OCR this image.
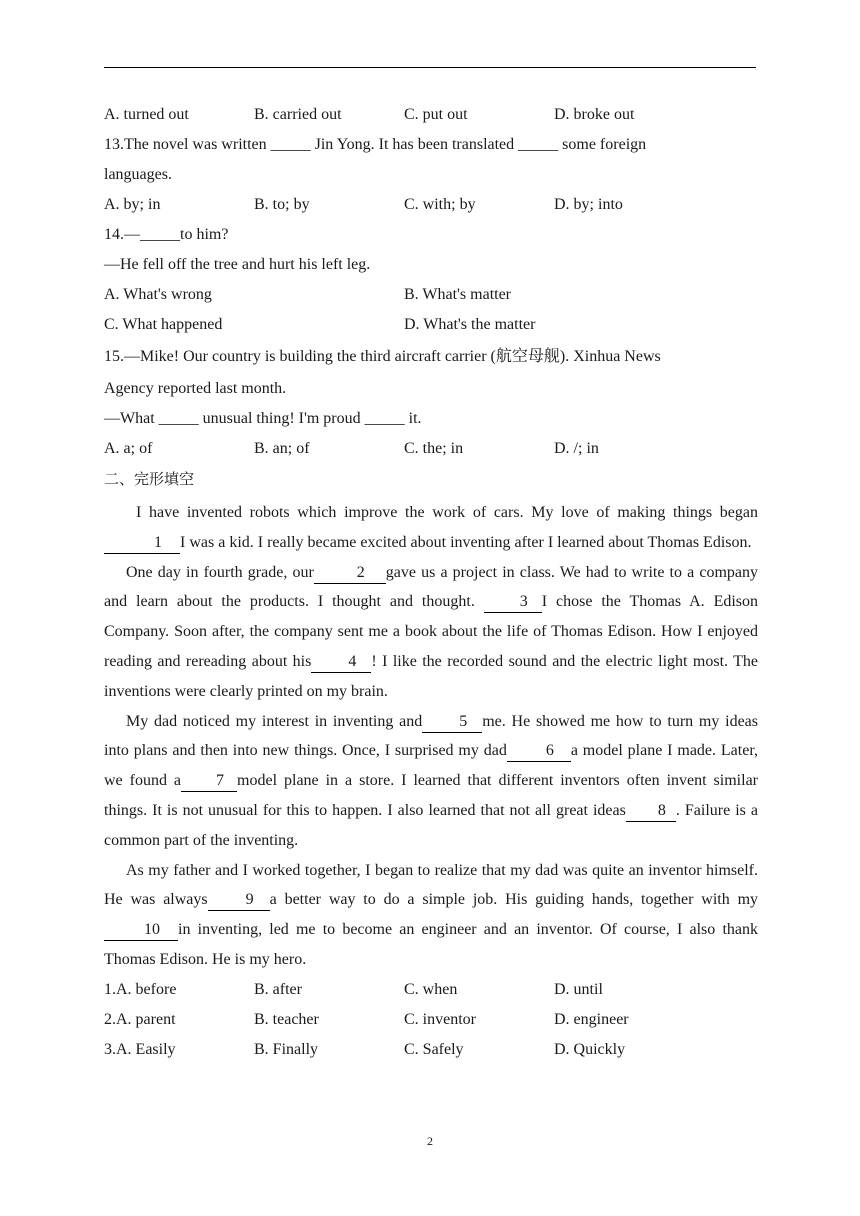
A. turned out	B. carried out	C. put out	D. broke out
13.The novel was written _____ Jin Yong. It has been translated _____ some foreign
languages.
A. by; in	B. to; by	C. with; by	D. by; into
14.—_____to him?
—He fell off the tree and hurt his left leg.
A. What's wrong	B. What's matter
C. What happened	D. What's the matter
15.—Mike! Our country is building the third aircraft carrier (航空母舰). Xinhua News
Agency reported last month.
—What _____ unusual thing! I'm proud _____ it.
A. a; of	B. an; of	C. the; in	D. /; in
二、完形填空

I have invented robots which improve the work of cars. My love of making things began1 I was a kid. I really became excited about inventing after I learned about Thomas Edison.

One day in fourth grade, our	2 gave us a project in class. We had to write to a company and learn about the products. I thought and thought.	3 I chose the Thomas A. Edison Company. Soon after, the company sent me a book about the life of Thomas Edison. How I enjoyed reading and rereading about his 4 ! I like the recorded sound and the electric light most. The inventions were clearly printed on my brain.

My dad noticed my interest in inventing and 5 me. He showed me how to turn my ideas into plans and then into new things. Once, I surprised my dad 6 a model plane I made. Later, we found a 7 model plane in a store. I learned that different inventors often invent similar things. It is not unusual for this to happen. I also learned that not all great ideas 8 . Failure is a common part of the inventing.

As my father and I worked together, I began to realize that my dad was quite an inventor himself. He was always 9 a better way to do a simple job. His guiding hands, together with my10 in inventing, led me to become an engineer and an inventor. Of course, I also thank Thomas Edison. He is my hero.

1.A. before	B. after	C. when	D. until
2.A. parent	B. teacher	C. inventor	D. engineer
3.A. Easily	B. Finally	C. Safely	D. Quickly
2
